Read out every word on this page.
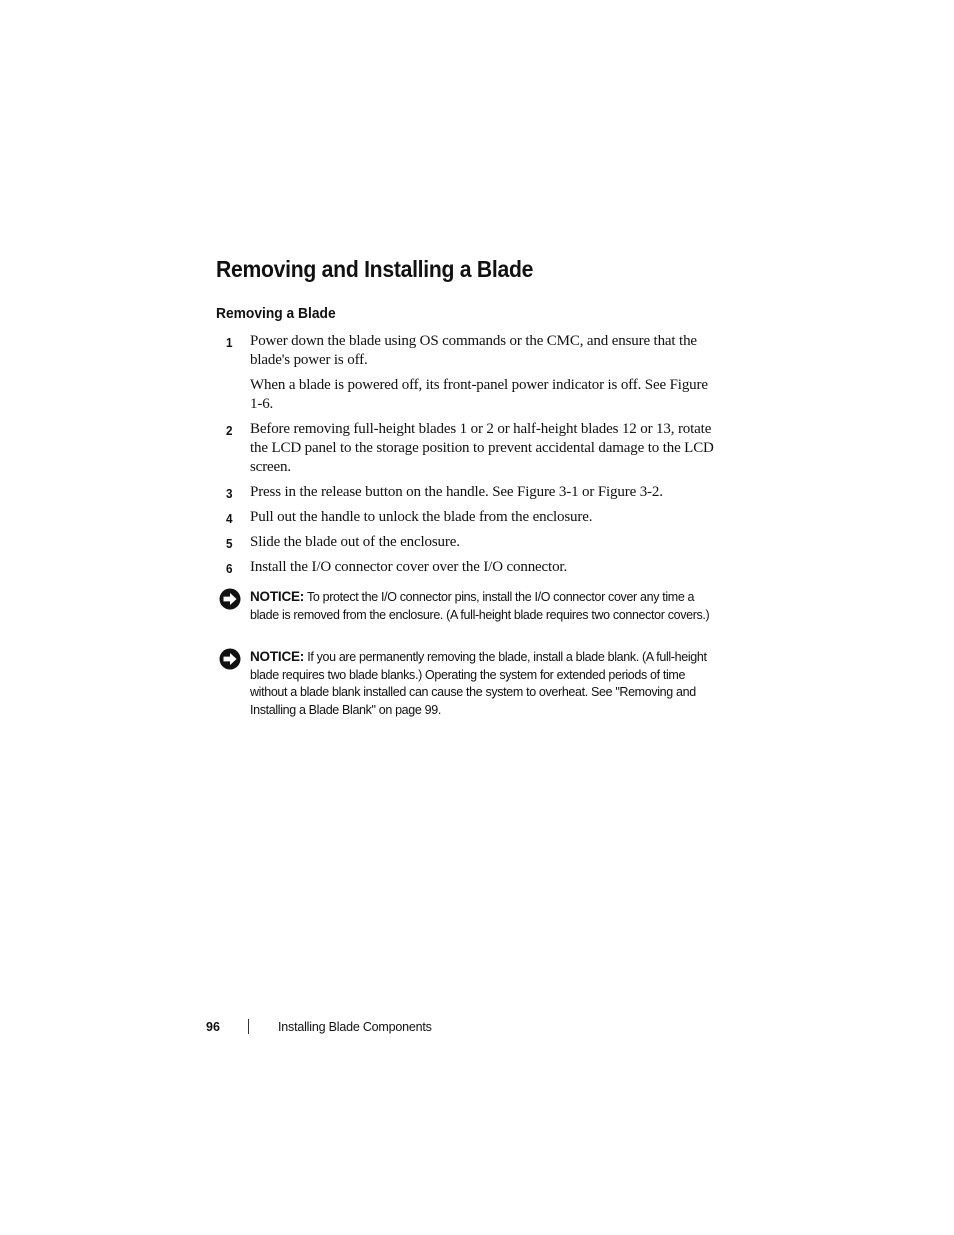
Removing and Installing a Blade
Removing a Blade
1 Power down the blade using OS commands or the CMC, and ensure that the blade's power is off.

When a blade is powered off, its front-panel power indicator is off. See Figure 1-6.

2 Before removing full-height blades 1 or 2 or half-height blades 12 or 13, rotate the LCD panel to the storage position to prevent accidental damage to the LCD screen.

3 Press in the release button on the handle. See Figure 3-1 or Figure 3-2.

4 Pull out the handle to unlock the blade from the enclosure.

5 Slide the blade out of the enclosure.

6 Install the I/O connector cover over the I/O connector.

NOTICE: To protect the I/O connector pins, install the I/O connector cover any time a blade is removed from the enclosure. (A full-height blade requires two connector covers.)

NOTICE: If you are permanently removing the blade, install a blade blank. (A full-height blade requires two blade blanks.) Operating the system for extended periods of time without a blade blank installed can cause the system to overheat. See "Removing and Installing a Blade Blank" on page 99.

96	Installing Blade Components
